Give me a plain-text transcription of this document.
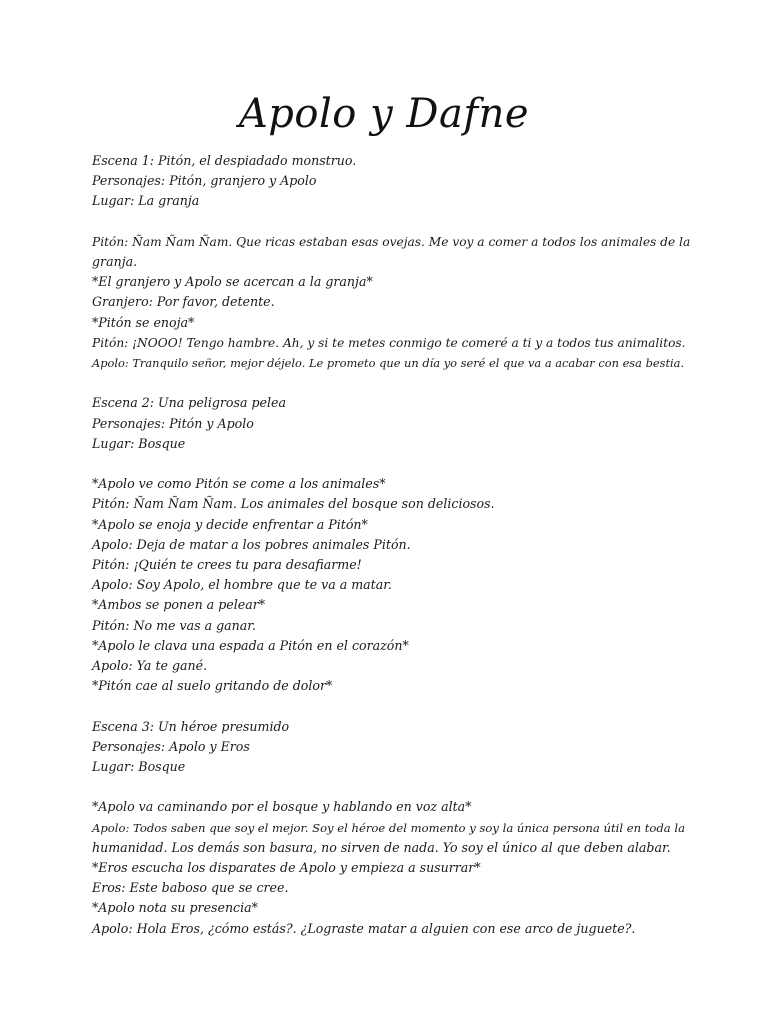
Apolo y Dafne
Escena 1: Pitón, el despiadado monstruo.
Personajes: Pitón, granjero y Apolo
Lugar: La granja
Pitón: Ñam Ñam Ñam. Que ricas estaban esas ovejas. Me voy a comer a todos los animales de la
granja.
*El granjero y Apolo se acercan a la granja*
Granjero: Por favor, detente.
*Pitón se enoja*
Pitón: ¡NOOO! Tengo hambre. Ah, y si te metes conmigo te comeré a ti y a todos tus animalitos.
Apolo: Tranquilo señor, mejor déjelo. Le prometo que un día yo seré el que va a acabar con esa bestia.
Escena 2: Una peligrosa pelea
Personajes: Pitón y Apolo
Lugar: Bosque
*Apolo ve como Pitón se come a los animales*
Pitón: Ñam Ñam Ñam. Los animales del bosque son deliciosos.
*Apolo se enoja y decide enfrentar a Pitón*
Apolo: Deja de matar a los pobres animales Pitón.
Pitón: ¡Quién te crees tu para desafiarme!
Apolo: Soy Apolo, el hombre que te va a matar.
*Ambos se ponen a pelear*
Pitón: No me vas a ganar.
*Apolo le clava una espada a Pitón en el corazón*
Apolo: Ya te gané.
*Pitón cae al suelo gritando de dolor*
Escena 3: Un héroe presumido
Personajes: Apolo y Eros
Lugar: Bosque
*Apolo va caminando por el bosque y hablando en voz alta*
Apolo: Todos saben que soy el mejor. Soy el héroe del momento y soy la única persona útil en toda la
humanidad. Los demás son basura, no sirven de nada. Yo soy el único al que deben alabar.
*Eros escucha los disparates de Apolo y empieza a susurrar*
Eros: Este baboso que se cree.
*Apolo nota su presencia*
Apolo: Hola Eros, ¿cómo estás?. ¿Lograste matar a alguien con ese arco de juguete?.
